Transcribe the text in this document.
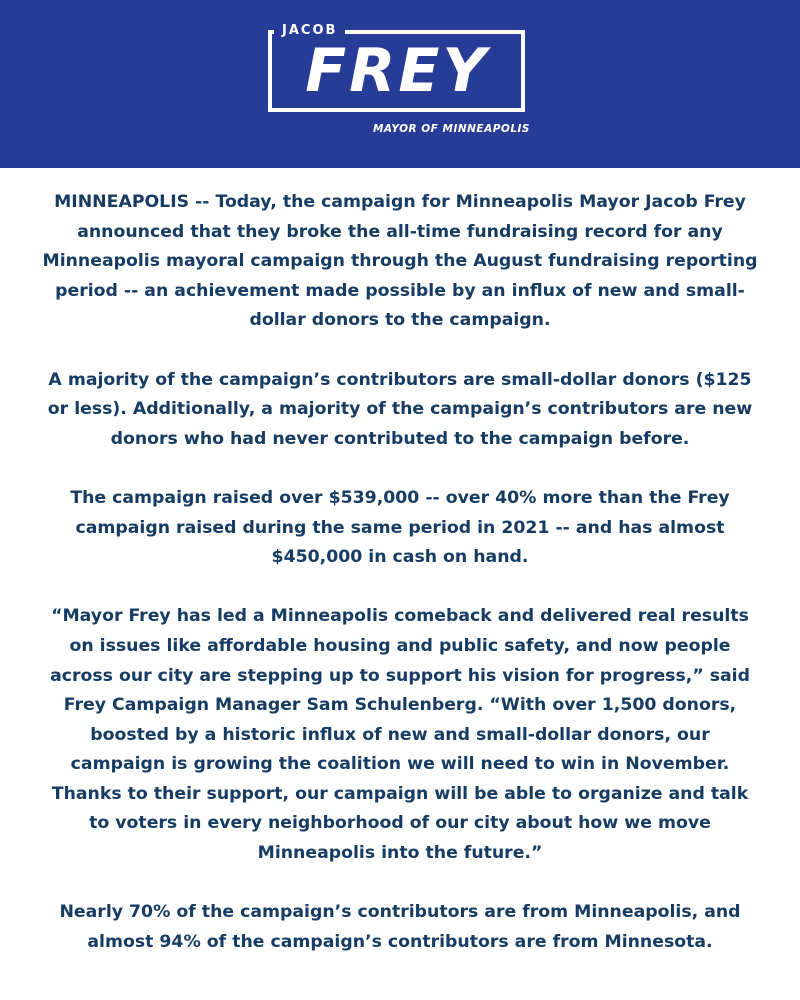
JACOB
FREY
MAYOR OF MINNEAPOLIS

MINNEAPOLIS -- Today, the campaign for Minneapolis Mayor Jacob Frey announced that they broke the all-time fundraising record for any Minneapolis mayoral campaign through the August fundraising reporting period -- an achievement made possible by an influx of new and small-dollar donors to the campaign.

A majority of the campaign’s contributors are small-dollar donors ($125 or less). Additionally, a majority of the campaign’s contributors are new donors who had never contributed to the campaign before.

The campaign raised over $539,000 -- over 40% more than the Frey campaign raised during the same period in 2021 -- and has almost $450,000 in cash on hand.

“Mayor Frey has led a Minneapolis comeback and delivered real results on issues like affordable housing and public safety, and now people across our city are stepping up to support his vision for progress,” said Frey Campaign Manager Sam Schulenberg. “With over 1,500 donors, boosted by a historic influx of new and small-dollar donors, our campaign is growing the coalition we will need to win in November. Thanks to their support, our campaign will be able to organize and talk to voters in every neighborhood of our city about how we move Minneapolis into the future.”

Nearly 70% of the campaign’s contributors are from Minneapolis, and almost 94% of the campaign’s contributors are from Minnesota.
